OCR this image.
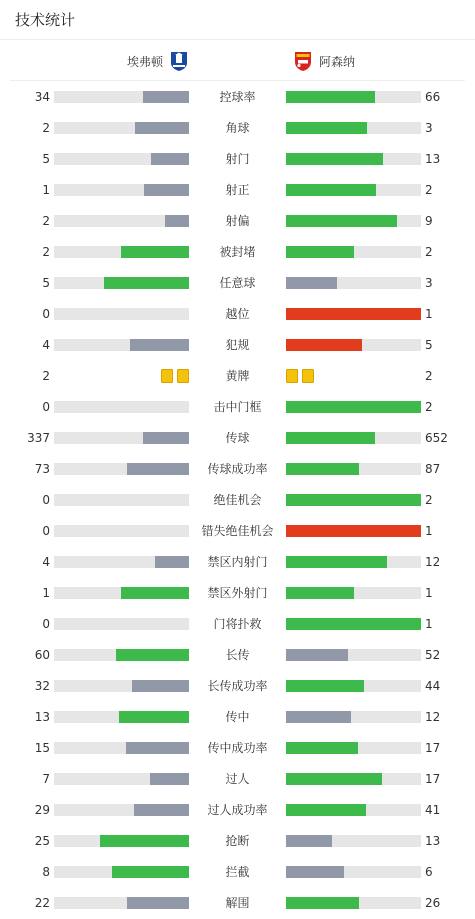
技术统计
埃弗顿	阿森纳
34	控球率	66
2	角球	3
5	射门	13
1	射正	2
2	射偏	9
2	被封堵	2
5	任意球	3
0	越位	1
4	犯规	5
2	黄牌	2
0	击中门框	2
337	传球	652
73	传球成功率	87
0	绝佳机会	2
0	错失绝佳机会	1
4	禁区内射门	12
1	禁区外射门	1
0	门将扑救	1
60	长传	52
32	长传成功率	44
13	传中	12
15	传中成功率	17
7	过人	17
29	过人成功率	41
25	抢断	13
8	拦截	6
22	解围	26
